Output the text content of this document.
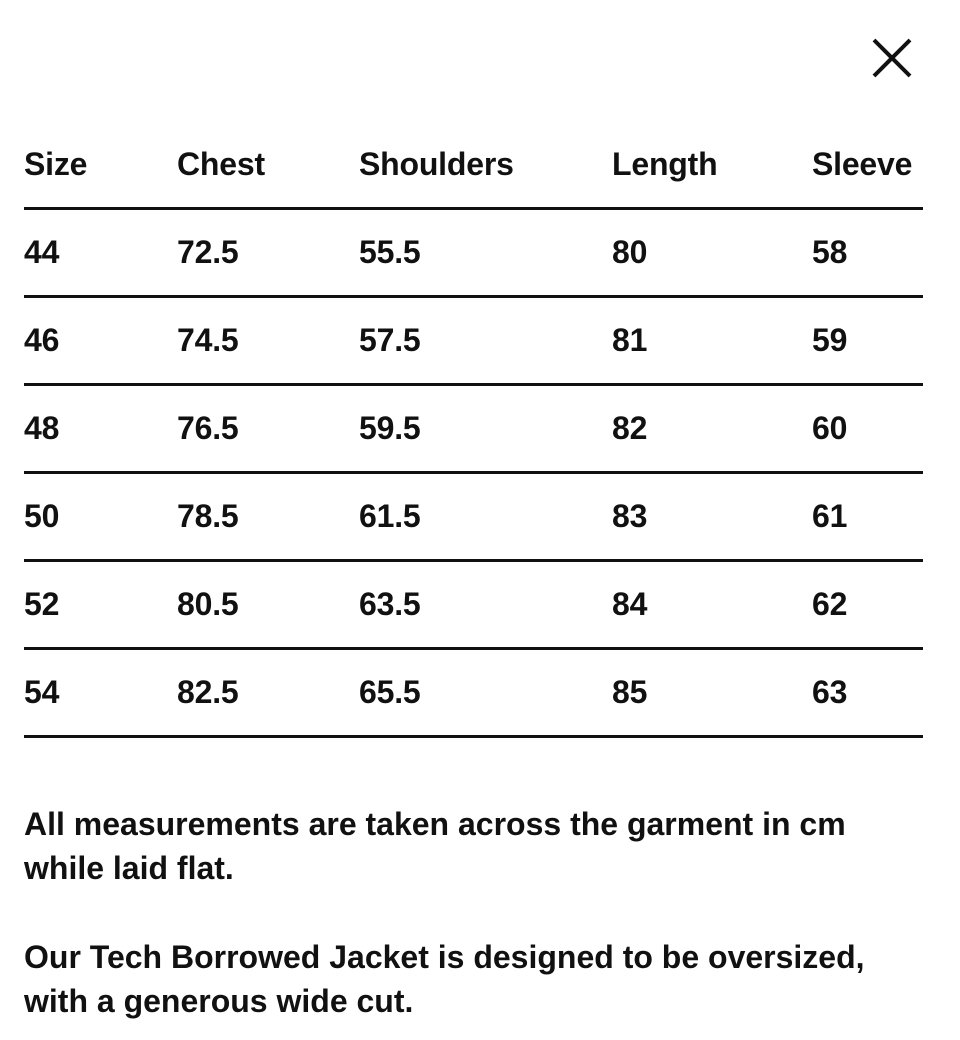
Size	Chest	Shoulders	Length	Sleeve
44	72.5	55.5	80	58
46	74.5	57.5	81	59
48	76.5	59.5	82	60
50	78.5	61.5	83	61
52	80.5	63.5	84	62
54	82.5	65.5	85	63

All measurements are taken across the garment in cm while laid flat.

Our Tech Borrowed Jacket is designed to be oversized, with a generous wide cut.
